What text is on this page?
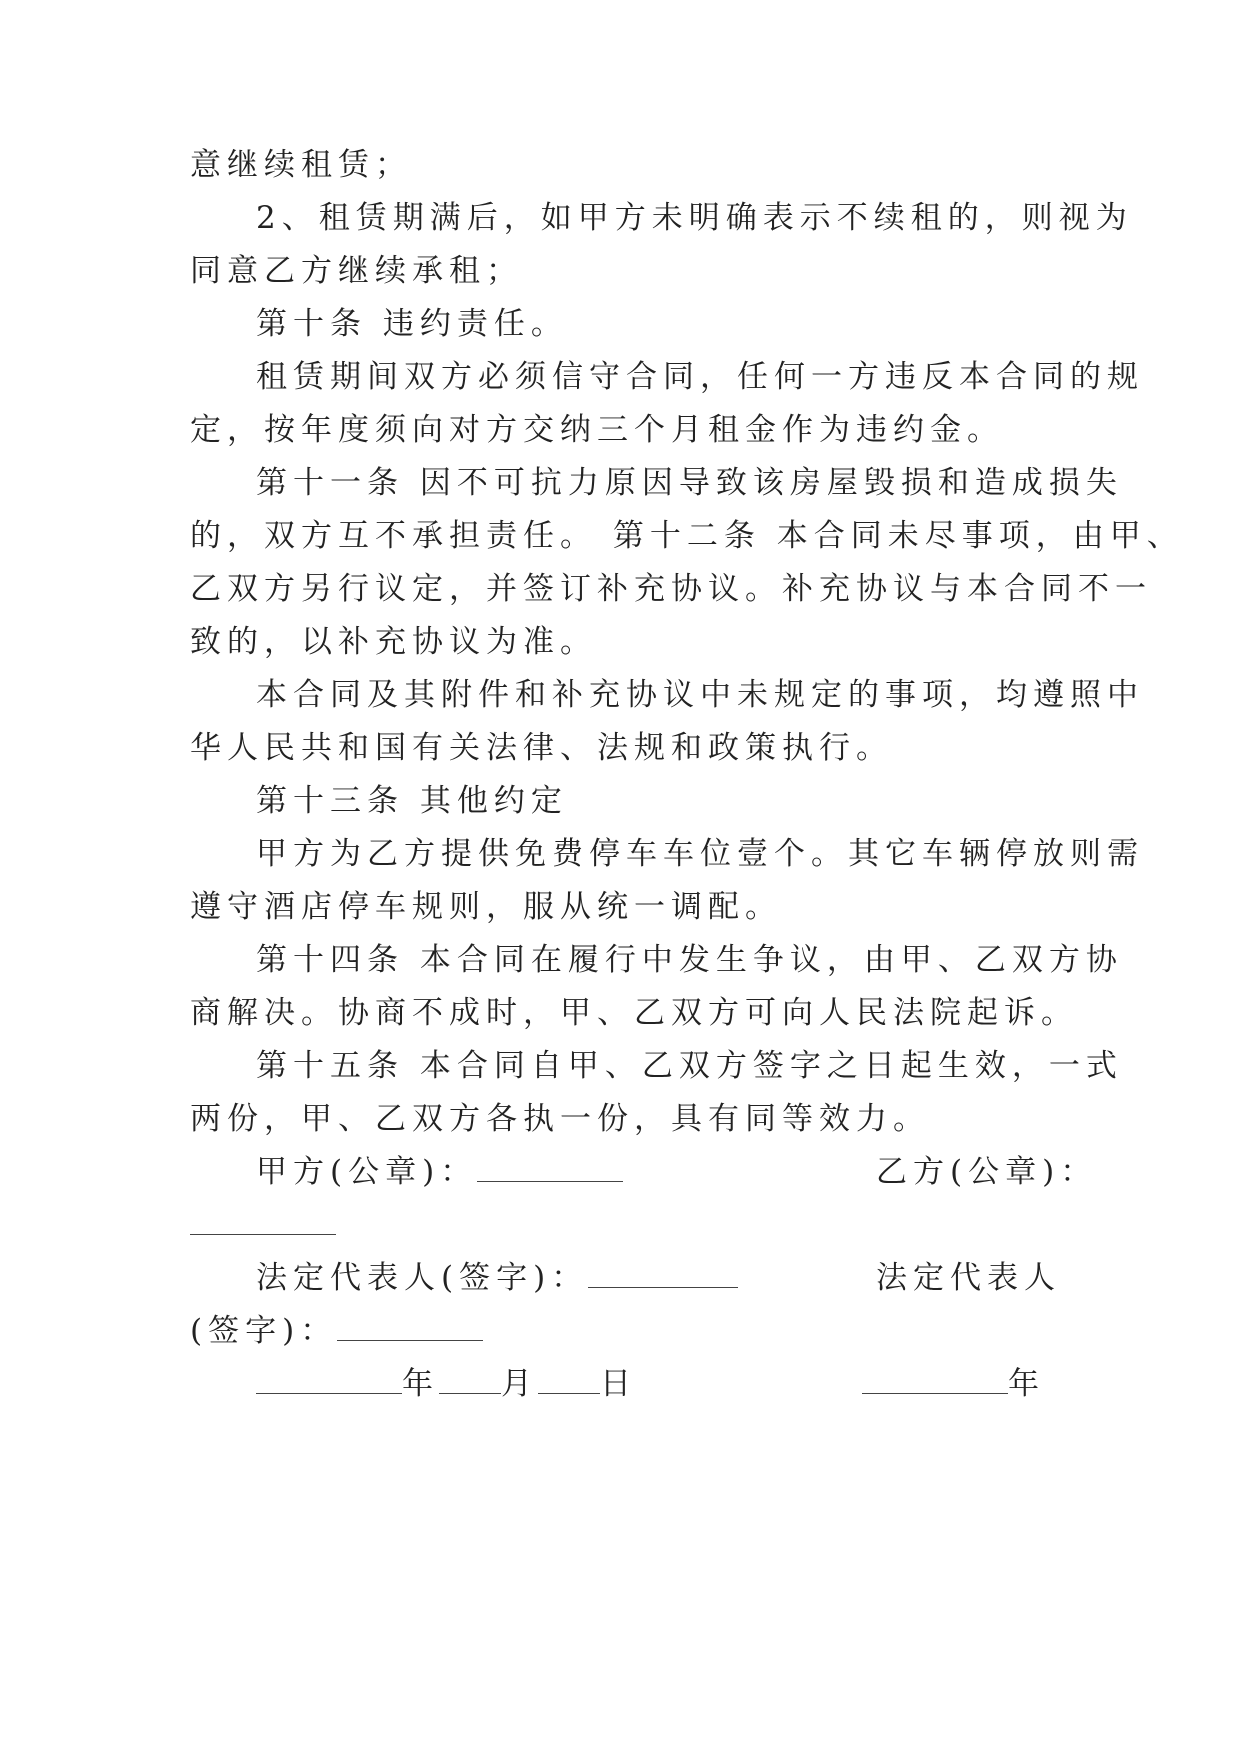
意继续租赁；
2、租赁期满后，如甲方未明确表示不续租的，则视为
同意乙方继续承租；
第十条 违约责任。
租赁期间双方必须信守合同，任何一方违反本合同的规
定，按年度须向对方交纳三个月租金作为违约金。
第十一条 因不可抗力原因导致该房屋毁损和造成损失
的，双方互不承担责任。 第十二条 本合同未尽事项，由甲、
乙双方另行议定，并签订补充协议。补充协议与本合同不一
致的，以补充协议为准。
本合同及其附件和补充协议中未规定的事项，均遵照中
华人民共和国有关法律、法规和政策执行。
第十三条 其他约定
甲方为乙方提供免费停车车位壹个。其它车辆停放则需
遵守酒店停车规则，服从统一调配。
第十四条 本合同在履行中发生争议，由甲、乙双方协
商解决。协商不成时，甲、乙双方可向人民法院起诉。
第十五条 本合同自甲、乙双方签字之日起生效，一式
两份，甲、乙双方各执一份，具有同等效力。
甲方(公章)：	乙方(公章)：
法定代表人(签字)：	法定代表人
(签字)：
年 月 日	年
